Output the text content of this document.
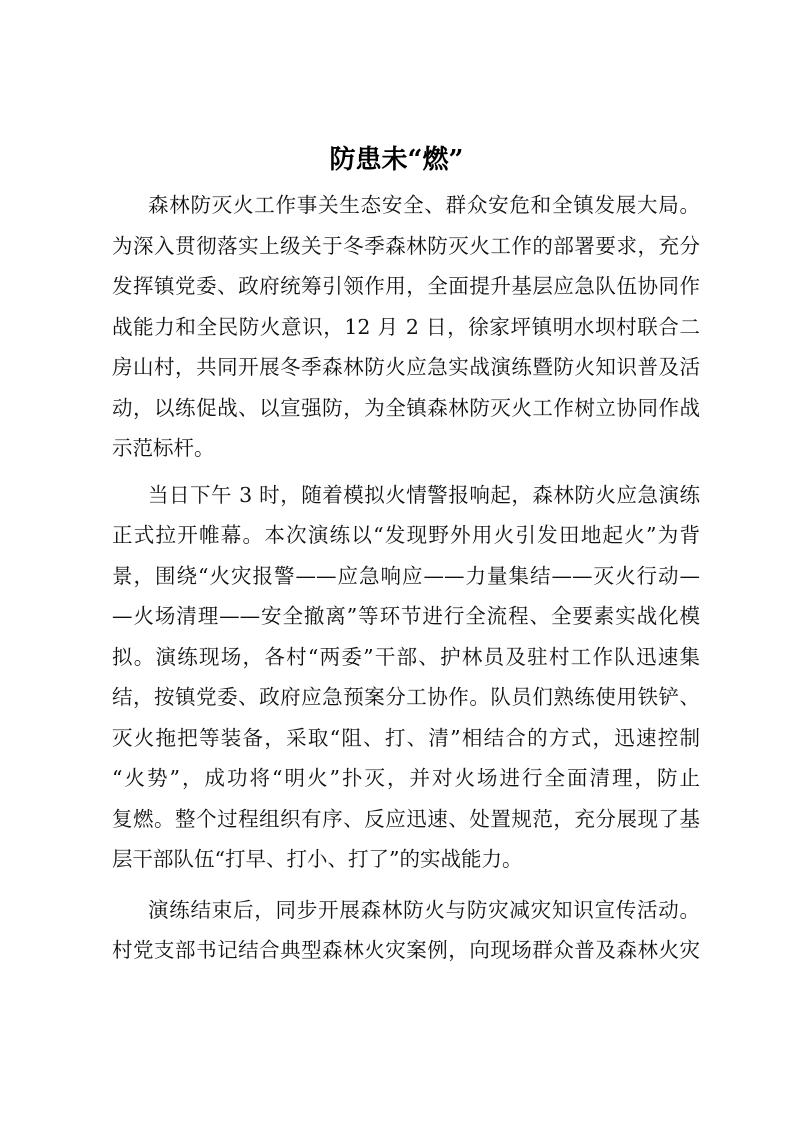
防患未“燃”
森林防灭火工作事关生态安全、群众安危和全镇发展大局。
为深入贯彻落实上级关于冬季森林防灭火工作的部署要求，充分
发挥镇党委、政府统筹引领作用，全面提升基层应急队伍协同作
战能力和全民防火意识，12 月 2 日，徐家坪镇明水坝村联合二
房山村，共同开展冬季森林防火应急实战演练暨防火知识普及活
动，以练促战、以宣强防，为全镇森林防灭火工作树立协同作战
示范标杆。
当日下午 3 时，随着模拟火情警报响起，森林防火应急演练
正式拉开帷幕。本次演练以“发现野外用火引发田地起火”为背
景，围绕“火灾报警——应急响应——力量集结——灭火行动—
—火场清理——安全撤离”等环节进行全流程、全要素实战化模
拟。演练现场，各村“两委”干部、护林员及驻村工作队迅速集
结，按镇党委、政府应急预案分工协作。队员们熟练使用铁铲、
灭火拖把等装备，采取“阻、打、清”相结合的方式，迅速控制
“火势”，成功将“明火”扑灭，并对火场进行全面清理，防止
复燃。整个过程组织有序、反应迅速、处置规范，充分展现了基
层干部队伍“打早、打小、打了”的实战能力。
演练结束后，同步开展森林防火与防灾减灾知识宣传活动。
村党支部书记结合典型森林火灾案例，向现场群众普及森林火灾
